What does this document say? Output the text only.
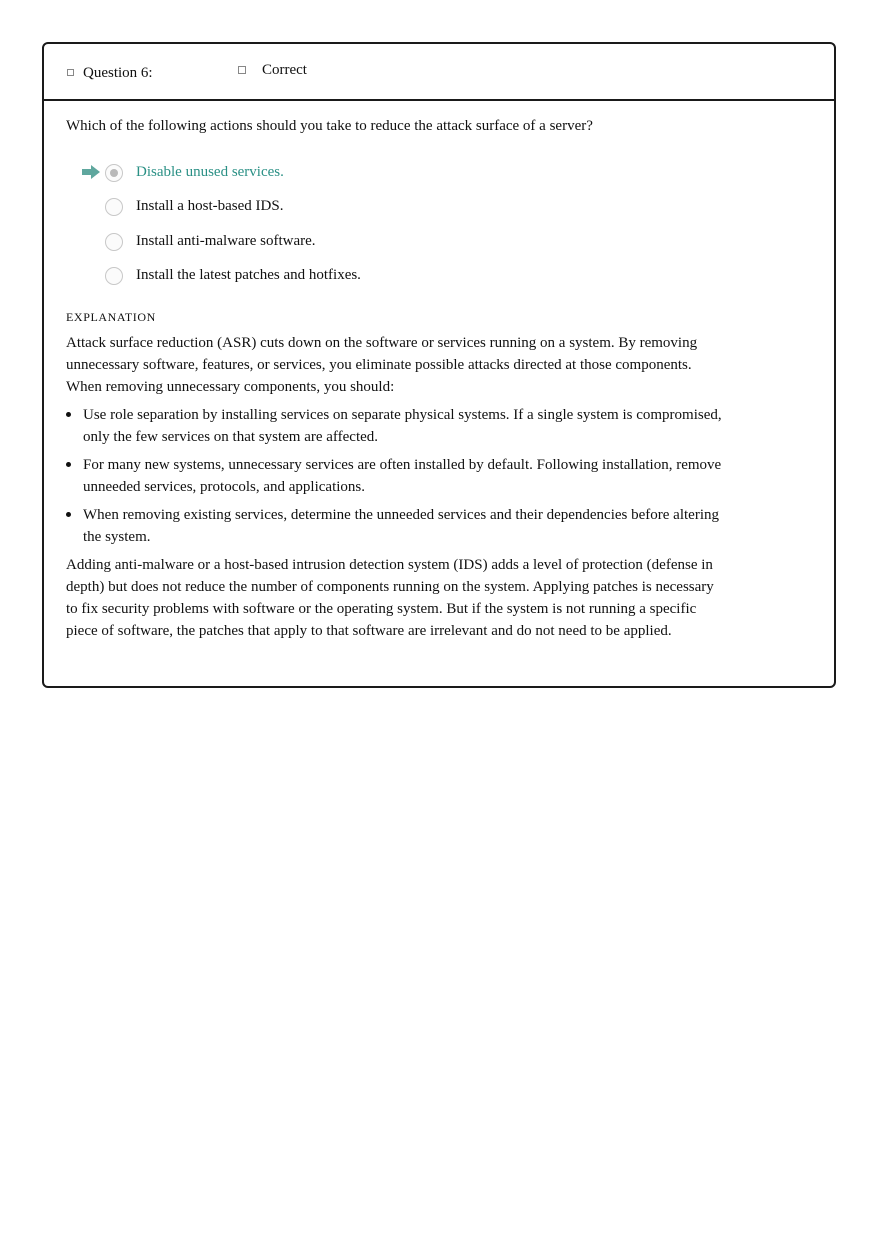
Question 6:	Correct
Which of the following actions should you take to reduce the attack surface of a server?
Disable unused services.
Install a host-based IDS.
Install anti-malware software.
Install the latest patches and hotfixes.
EXPLANATION

Attack surface reduction (ASR) cuts down on the software or services running on a system. By removing unnecessary software, features, or services, you eliminate possible attacks directed at those components. When removing unnecessary components, you should:

Use role separation by installing services on separate physical systems. If a single system is compromised, only the few services on that system are affected.
For many new systems, unnecessary services are often installed by default. Following installation, remove unneeded services, protocols, and applications.
When removing existing services, determine the unneeded services and their dependencies before altering the system.

Adding anti-malware or a host-based intrusion detection system (IDS) adds a level of protection (defense in depth) but does not reduce the number of components running on the system. Applying patches is necessary to fix security problems with software or the operating system. But if the system is not running a specific piece of software, the patches that apply to that software are irrelevant and do not need to be applied.
